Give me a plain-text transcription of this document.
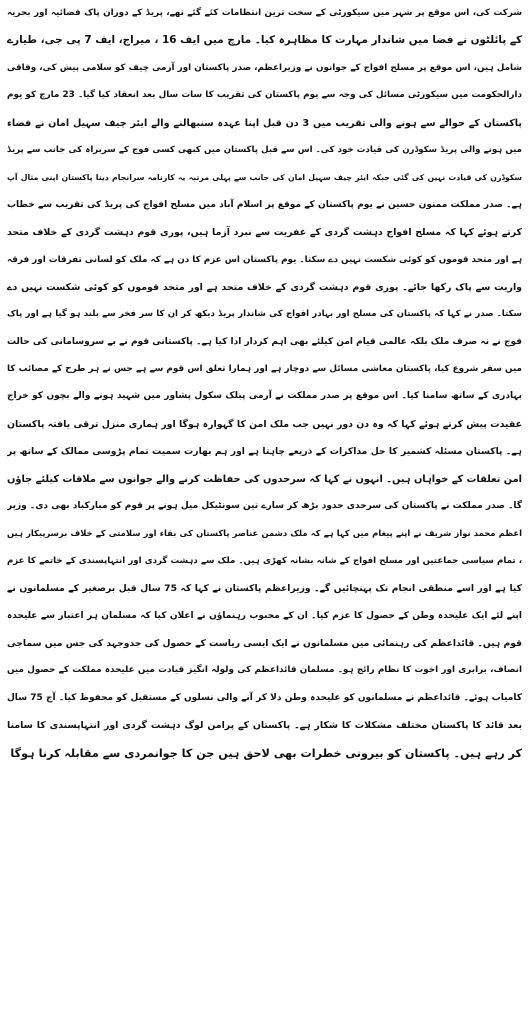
شرکت کی، اس موقع پر شہر میں سیکورٹی کے سخت ترین انتظامات کئے گئے تھے، پریڈ کے دوران پاک فضائیہ اور بحریہ
کے پائلٹوں نے فضا میں شاندار مہارت کا مظاہرہ کیا۔ مارچ میں ایف 16 ، میراج، ایف 7 پی جی، طیارے
شامل ہیں، اس موقع پر مسلح افواج کے جوانوں نے وزیراعظم، صدر پاکستان اور آرمی چیف کو سلامی پیش کی، وفاقی
دارالحکومت میں سیکورٹی مسائل کی وجہ سے یوم پاکستان کی تقریب کا سات سال بعد انعقاد کیا گیا۔ 23 مارچ کو یوم
پاکستان کے حوالے سے ہونے والی تقریب میں 3 دن قبل اپنا عہدہ سنبھالنے والے ایئر چیف سہیل امان نے فضاء
میں ہونے والی پریڈ سکوڈرن کی قیادت خود کی۔ اس سے قبل پاکستان میں کبھی کسی فوج کے سربراہ کی جانب سے پریڈ
سکوڈرن کی قیادت نہیں کی گئی جبکہ ایئر چیف سہیل امان کی جانب سے پہلی مرتبہ یہ کارنامہ سرانجام دینا پاکستان اپنی مثال آپ
ہے۔ صدر مملکت ممنون حسین نے یوم پاکستان کے موقع پر اسلام آباد میں مسلح افواج کی پریڈ کی تقریب سے خطاب
کرتے ہوئے کہا کہ مسلح افواج دہشت گردی کے عفریت سے نبرد آزما ہیں، پوری قوم دہشت گردی کے خلاف متحد
ہے اور متحد قوموں کو کوئی شکست نہیں دے سکتا۔ یوم پاکستان اس عزم کا دن ہے کہ ملک کو لسانی تفرقات اور فرقہ
واریت سے پاک رکھا جائے۔ پوری قوم دہشت گردی کے خلاف متحد ہے اور متحد قوموں کو کوئی شکست نہیں دے
سکتا۔ صدر نے کہا کہ پاکستان کی مسلح اور بہادر افواج کی شاندار پریڈ دیکھ کر ان کا سر فخر سے بلند ہو گیا ہے اور پاک
فوج نے نہ صرف ملک بلکہ عالمی قیام امن کیلئے بھی اہم کردار ادا کیا ہے۔ پاکستانی قوم نے بے سروسامانی کی حالت
میں سفر شروع کیا، پاکستان معاشی مسائل سے دوچار ہے اور ہمارا تعلق اس قوم سے ہے جس نے ہر طرح کے مصائب کا
بہادری کے ساتھ سامنا کیا۔ اس موقع پر صدر مملکت نے آرمی پبلک سکول پشاور میں شہید ہونے والے بچوں کو خراج
عقیدت پیش کرتے ہوئے کہا کہ وہ دن دور نہیں جب ملک امن کا گہوارہ ہوگا اور ہماری منزل ترقی یافتہ پاکستان
ہے۔ پاکستان مسئلہ کشمیر کا حل مذاکرات کے ذریعے چاہتا ہے اور ہم بھارت سمیت تمام پڑوسی ممالک کے ساتھ پر
امن تعلقات کے خواہاں ہیں۔ انہوں نے کہا کہ سرحدوں کی حفاظت کرنے والے جوانوں سے ملاقات کیلئے جاؤں
گا۔ صدر مملکت نے پاکستان کی سرحدی حدود بڑھ کر سارے تین سونٹیکل میل ہونے پر قوم کو مبارکباد بھی دی۔ وزیر
اعظم محمد نواز شریف نے اپنے پیغام میں کہا ہے کہ ملک دشمن عناصر پاکستان کی بقاء اور سلامتی کے خلاف برسرپیکار ہیں
، تمام سیاسی جماعتیں اور مسلح افواج کے شانہ بشانہ کھڑی ہیں۔ ملک سے دہشت گردی اور انتہاپسندی کے خاتمے کا عزم
کیا ہے اور اسے منطقی انجام تک پہنچائیں گے۔ وزیراعظم پاکستان نے کہا کہ 75 سال قبل برصغیر کے مسلمانوں نے
اپنے لئے ایک علیحدہ وطن کے حصول کا عزم کیا۔ ان کے محبوب رہنماؤں نے اعلان کیا کہ مسلمان ہر اعتبار سے علیحدہ
قوم ہیں۔ قائداعظم کی رہنمائی میں مسلمانوں نے ایک ایسی ریاست کے حصول کی جدوجہد کی جس میں سماجی
انصاف، برابری اور اخوت کا نظام رائج ہو۔ مسلمان قائداعظم کی ولولہ انگیز قیادت میں علیحدہ مملکت کے حصول میں
کامیاب ہوئے۔ قائداعظم نے مسلمانوں کو علیحدہ وطن دلا کر آنے والی نسلوں کے مستقبل کو محفوظ کیا۔ آج 75 سال
بعد قائد کا پاکستان مختلف مشکلات کا شکار ہے۔ پاکستان کے پرامن لوگ دہشت گردی اور انتہاپسندی کا سامنا
کر رہے ہیں۔ پاکستان کو بیرونی خطرات بھی لاحق ہیں جن کا جوانمردی سے مقابلہ کرنا ہوگا
